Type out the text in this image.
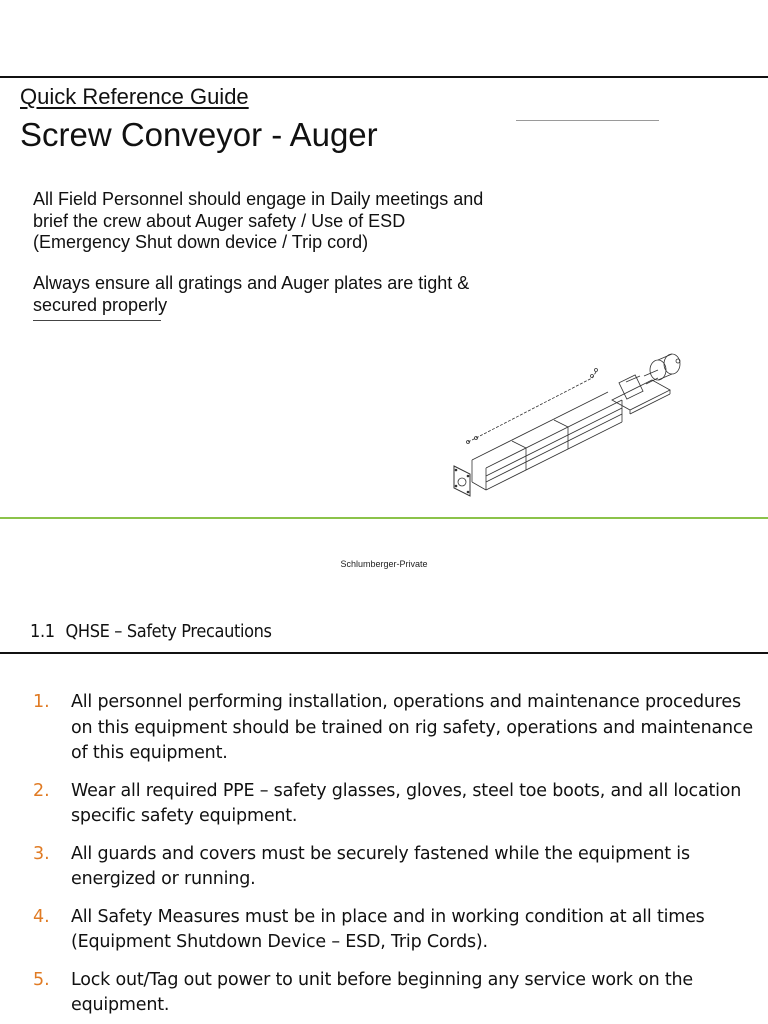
Quick Reference Guide
Screw Conveyor - Auger
All Field Personnel should engage in Daily meetings and brief the crew about Auger safety / Use of ESD (Emergency Shut down device / Trip cord)
Always ensure all gratings and Auger plates are tight & secured properly
Schlumberger-Private
1.1 QHSE – Safety Precautions
1.	All personnel performing installation, operations and maintenance procedures on this equipment should be trained on rig safety, operations and maintenance of this equipment.
2.	Wear all required PPE – safety glasses, gloves, steel toe boots, and all location specific safety equipment.
3.	All guards and covers must be securely fastened while the equipment is energized or running.
4.	All Safety Measures must be in place and in working condition at all times (Equipment Shutdown Device – ESD, Trip Cords).
5.	Lock out/Tag out power to unit before beginning any service work on the equipment.
